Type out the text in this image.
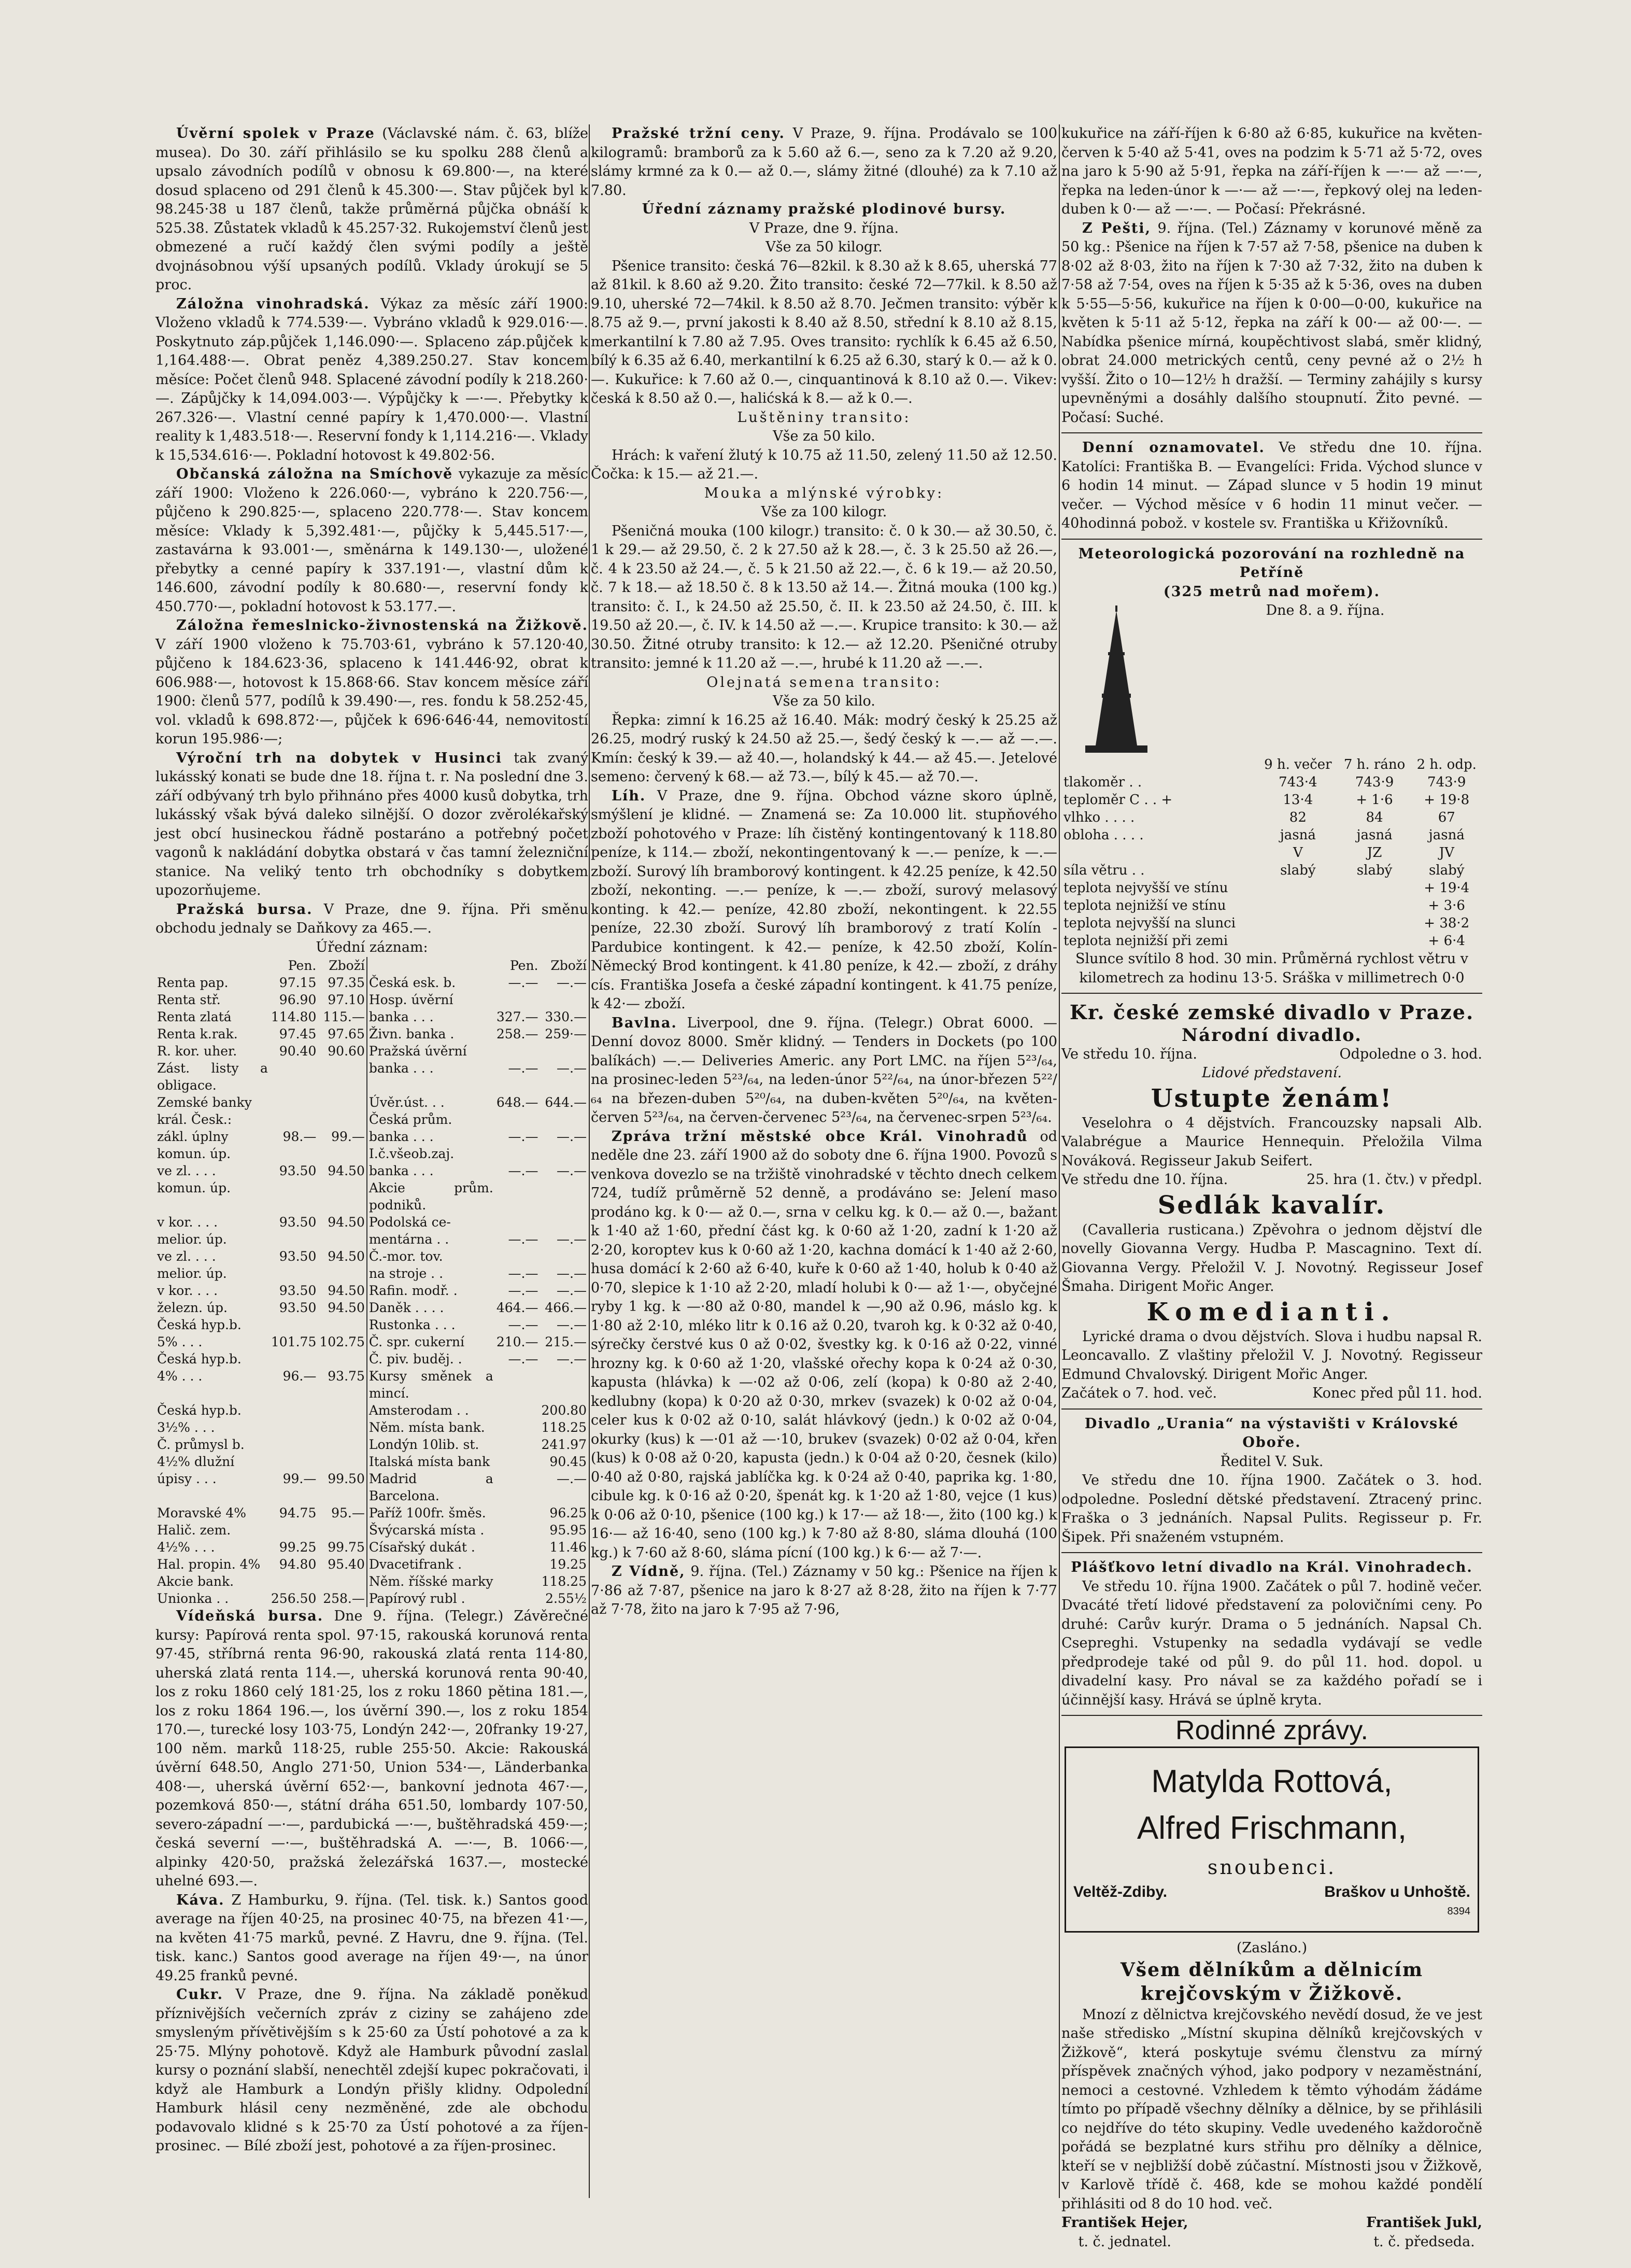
Úvěrní spolek v Praze (Václavské nám. č. 63, blíže musea). Do 30. září přihlásilo se ku spolku 288 členů a upsalo závodních podílů v obnosu k 69.800·—, na které dosud splaceno od 291 členů k 45.300·—. Stav půjček byl k 98.245·38 u 187 členů, takže průměrná půjčka obnáší k 525.38. Zůstatek vkladů k 45.257·32. Rukojemství členů jest obmezené a ručí každý člen svými podíly a ještě dvojnásobnou výší upsaných podílů. Vklady úrokují se 5 proc.

Záložna vinohradská. Výkaz za měsíc září 1900: Vloženo vkladů k 774.539·—. Vybráno vkladů k 929.016·—. Poskytnuto záp.půjček 1,146.090·—. Splaceno záp.půjček k 1,164.488·—. Obrat peněz 4,389.250.27. Stav koncem měsíce: Počet členů 948. Splacené závodní podíly k 218.260·—. Zápůjčky k 14,094.003·—. Výpůjčky k —·—. Přebytky k 267.326·—. Vlastní cenné papíry k 1,470.000·—. Vlastní reality k 1,483.518·—. Reservní fondy k 1,114.216·—. Vklady k 15,534.616·—. Pokladní hotovost k 49.802·56.

Občanská záložna na Smíchově vykazuje za měsíc září 1900: Vloženo k 226.060·—, vybráno k 220.756·—, půjčeno k 290.825·—, splaceno 220.778·—. Stav koncem měsíce: Vklady k 5,392.481·—, půjčky k 5,445.517·—, zastavárna k 93.001·—, směnárna k 149.130·—, uložené přebytky a cenné papíry k 337.191·—, vlastní dům k 146.600, závodní podíly k 80.680·—, reservní fondy k 450.770·—, pokladní hotovost k 53.177.—.

Záložna řemeslnicko-živnostenská na Žižkově. V září 1900 vloženo k 75.703·61, vybráno k 57.120·40, půjčeno k 184.623·36, splaceno k 141.446·92, obrat k 606.988·—, hotovost k 15.868·66. Stav koncem měsíce září 1900: členů 577, podílů k 39.490·—, res. fondu k 58.252·45, vol. vkladů k 698.872·—, půjček k 696·646·44, nemovitostí korun 195.986·—;

Výroční trh na dobytek v Husinci tak zvaný lukásský konati se bude dne 18. října t. r. Na poslední dne 3. září odbývaný trh bylo přihnáno přes 4000 kusů dobytka, trh lukásský však bývá daleko silnější. O dozor zvěrolékařský jest obcí husineckou řádně postaráno a potřebný počet vagonů k nakládání dobytka obstará v čas tamní železniční stanice. Na veliký tento trh obchodníky s dobytkem upozorňujeme.

Pražská bursa. V Praze, dne 9. října. Při směnu obchodu jednaly se Daňkovy za 465.—.

Úřední záznam:

	Pen.	Zboží		Pen.	Zboží
Renta pap.	97.15	97.35	Česká esk. b.	—.—	—.—
Renta stř.	96.90	97.10	Hosp. úvěrní		
Renta zlatá	114.80	115.—	banka . . .	327.—	330.—
Renta k.rak.	97.45	97.65	Živn. banka .	258.—	259·—
R. kor. uher.	90.40	90.60	Pražská úvěrní		
Zást. listy a obligace.			banka . . .	—.—	—.—
Zemské banky			Úvěr.úst. . .	648.—	644.—
král. Česk.:			Česká prům.		
zákl. úplny	98.—	99.—	banka . . .	—.—	—.—
komun. úp.			I.č.všeob.zaj.		
ve zl. . . .	93.50	94.50	banka . . .	—.—	—.—
komun. úp.			Akcie prům. podniků.		
v kor. . . .	93.50	94.50	Podolská ce-		
melior. úp.			mentárna . .	—.—	—.—
ve zl. . . .	93.50	94.50	Č.-mor. tov.		
melior. úp.			na stroje . .	—.—	—.—
v kor. . . .	93.50	94.50	Rafin. modř. .	—.—	—.—
železn. úp.	93.50	94.50	Daněk . . . .	464.—	466.—
Česká hyp.b.			Rustonka . . .	—.—	—.—
5% . . .	101.75	102.75	Č. spr. cukerní	210.—	215.—
Česká hyp.b.			Č. piv. buděj. .	—.—	—.—
4% . . .	96.—	93.75	Kursy směnek a mincí.		
Česká hyp.b.			Amsterodam . .		200.80
3½% . . .			Něm. místa bank.		118.25
Č. průmysl b.			Londýn 10lib. st.		241.97
4½% dlužní			Italská místa bank		90.45
úpisy . . .	99.—	99.50	Madrid a Barcelona.		—.—
Moravské 4%	94.75	95.—	Paříž 100fr. šměs.		96.25
Halič. zem.			Švýcarská místa .		95.95
4½% . . .	99.25	99.75	Císařský dukát .		11.46
Hal. propin. 4%	94.80	95.40	Dvacetifrank .		19.25
Akcie bank.			Něm. říšské marky		118.25
Unionka . .	256.50	258.—	Papírový rubl .		2.55½

Vídeňská bursa. Dne 9. října. (Telegr.) Závěrečné kursy: Papírová renta spol. 97·15, rakouská korunová renta 97·45, stříbrná renta 96·90, rakouská zlatá renta 114·80, uherská zlatá renta 114.—, uherská korunová renta 90·40, los z roku 1860 celý 181·25, los z roku 1860 pětina 181.—, los z roku 1864 196.—, los úvěrní 390.—, los z roku 1854 170.—, turecké losy 103·75, Londýn 242·—, 20franky 19·27, 100 něm. marků 118·25, ruble 255·50. Akcie: Rakouská úvěrní 648.50, Anglo 271·50, Union 534·—, Länderbanka 408·—, uherská úvěrní 652·—, bankovní jednota 467·—, pozemková 850·—, státní dráha 651.50, lombardy 107·50, severo-západní —·—, pardubická —·—, buštěhradská 459·—; česká severní —·—, buštěhradská A. —·—, B. 1066·—, alpinky 420·50, pražská železářská 1637.—, mostecké uhelné 693.—.

Káva. Z Hamburku, 9. října. (Tel. tisk. k.) Santos good average na říjen 40·25, na prosinec 40·75, na březen 41·—, na květen 41·75 marků, pevné. Z Havru, dne 9. října. (Tel. tisk. kanc.) Santos good average na říjen 49·—, na únor 49.25 franků pevné.

Cukr. V Praze, dne 9. října. Na základě poněkud příznivějších večerních zpráv z ciziny se zahájeno zde smysleným přívětivějším s k 25·60 za Ústí pohotové a za k 25·75. Mlýny pohotově. Když ale Hamburk původní zaslal kursy o poznání slabší, nenechtěl zdejší kupec pokračovati, i když ale Hamburk a Londýn přišly klidny. Odpolední Hamburk hlásil ceny nezměněné, zde ale obchodu podavovalo klidné s k 25·70 za Ústí pohotové a za říjen-prosinec. — Bílé zboží jest, pohotové a za říjen-prosinec.

Pražské tržní ceny. V Praze, 9. října. Prodávalo se 100 kilogramů: bramborů za k 5.60 až 6.—, seno za k 7.20 až 9.20, slámy krmné za k 0.— až 0.—, slámy žitné (dlouhé) za k 7.10 až 7.80.

Úřední záznamy pražské plodinové bursy.

V Praze, dne 9. října.

Vše za 50 kilogr.

Pšenice transito: česká 76—82kil. k 8.30 až k 8.65, uherská 77 až 81kil. k 8.60 až 9.20. Žito transito: české 72—77kil. k 8.50 až 9.10, uherské 72—74kil. k 8.50 až 8.70. Ječmen transito: výběr k 8.75 až 9.—, první jakosti k 8.40 až 8.50, střední k 8.10 až 8.15, merkantilní k 7.80 až 7.95. Oves transito: rychlík k 6.45 až 6.50, bílý k 6.35 až 6.40, merkantilní k 6.25 až 6.30, starý k 0.— až k 0.—. Kukuřice: k 7.60 až 0.—, cinquantinová k 8.10 až 0.—. Vikev: česká k 8.50 až 0.—, halićská k 8.— až k 0.—.

Luštěniny transito:

Vše za 50 kilo.

Hrách: k vaření žlutý k 10.75 až 11.50, zelený 11.50 až 12.50. Čočka: k 15.— až 21.—.

Mouka a mlýnské výrobky:

Vše za 100 kilogr.

Pšeničná mouka (100 kilogr.) transito: č. 0 k 30.— až 30.50, č. 1 k 29.— až 29.50, č. 2 k 27.50 až k 28.—, č. 3 k 25.50 až 26.—, č. 4 k 23.50 až 24.—, č. 5 k 21.50 až 22.—, č. 6 k 19.— až 20.50, č. 7 k 18.— až 18.50 č. 8 k 13.50 až 14.—. Žitná mouka (100 kg.) transito: č. I., k 24.50 až 25.50, č. II. k 23.50 až 24.50, č. III. k 19.50 až 20.—, č. IV. k 14.50 až —.—. Krupice transito: k 30.— až 30.50. Žitné otruby transito: k 12.— až 12.20. Pšeničné otruby transito: jemné k 11.20 až —.—, hrubé k 11.20 až —.—.

Olejnatá semena transito:

Vše za 50 kilo.

Řepka: zimní k 16.25 až 16.40. Mák: modrý český k 25.25 až 26.25, modrý ruský k 24.50 až 25.—, šedý český k —.— až —.—. Kmín: český k 39.— až 40.—, holandský k 44.— až 45.—. Jetelové semeno: červený k 68.— až 73.—, bílý k 45.— až 70.—.

Líh. V Praze, dne 9. října. Obchod vázne skoro úplně, smýšlení je klidné. — Znamená se: Za 10.000 lit. stupňového zboží pohotového v Praze: líh čistěný kontingentovaný k 118.80 peníze, k 114.— zboží, nekontingentovaný k —.— peníze, k —.— zboží. Surový líh bramborový kontingent. k 42.25 peníze, k 42.50 zboží, nekonting. —.— peníze, k —.— zboží, surový melasový konting. k 42.— peníze, 42.80 zboží, nekontingent. k 22.55 peníze, 22.30 zboží. Surový líh bramborový z tratí Kolín - Pardubice kontingent. k 42.— peníze, k 42.50 zboží, Kolín-Německý Brod kontingent. k 41.80 peníze, k 42.— zboží, z dráhy cís. Františka Josefa a české západní kontingent. k 41.75 peníze, k 42·— zboží.

Bavlna. Liverpool, dne 9. října. (Telegr.) Obrat 6000. — Denní dovoz 8000. Směr klidný. — Tenders in Dockets (po 100 balíkách) —.— Deliveries Americ. any Port LMC. na říjen 5²³/₆₄, na prosinec-leden 5²³/₆₄, na leden-únor 5²²/₆₄, na únor-březen 5²²/₆₄ na březen-duben 5²⁰/₆₄, na duben-květen 5²⁰/₆₄, na květen-červen 5²³/₆₄, na červen-červenec 5²³/₆₄, na červenec-srpen 5²³/₆₄.

Zpráva tržní městské obce Král. Vinohradů od neděle dne 23. září 1900 až do soboty dne 6. října 1900. Povozů s venkova dovezlo se na tržiště vinohradské v těchto dnech celkem 724, tudíž průměrně 52 denně, a prodáváno se: Jelení maso prodáno kg. k 0·— až 0.—, srna v celku kg. k 0.— až 0.—, bažant k 1·40 až 1·60, přední část kg. k 0·60 až 1·20, zadní k 1·20 až 2·20, koroptev kus k 0·60 až 1·20, kachna domácí k 1·40 až 2·60, husa domácí k 2·60 až 6·40, kuře k 0·60 až 1·40, holub k 0·40 až 0·70, slepice k 1·10 až 2·20, mladí holubi k 0·— až 1·—, obyčejné ryby 1 kg. k —·80 až 0·80, mandel k —,90 až 0.96, máslo kg. k 1·80 až 2·10, mléko litr k 0.16 až 0.20, tvaroh kg. k 0·32 až 0·40, sýrečky čerstvé kus 0 až 0·02, švestky kg. k 0·16 až 0·22, vinné hrozny kg. k 0·60 až 1·20, vlašské ořechy kopa k 0·24 až 0·30, kapusta (hlávka) k —·02 až 0·06, zelí (kopa) k 0·80 až 2·40, kedlubny (kopa) k 0·20 až 0·30, mrkev (svazek) k 0·02 až 0·04, celer kus k 0·02 až 0·10, salát hlávkový (jedn.) k 0·02 až 0·04, okurky (kus) k —·01 až —·10, brukev (svazek) 0·02 až 0·04, křen (kus) k 0·08 až 0·20, kapusta (jedn.) k 0·04 až 0·20, česnek (kilo) 0·40 až 0·80, rajská jablíčka kg. k 0·24 až 0·40, paprika kg. 1·80, cibule kg. k 0·16 až 0·20, špenát kg. k 1·20 až 1·80, vejce (1 kus) k 0·06 až 0·10, pšenice (100 kg.) k 17·— až 18·—, žito (100 kg.) k 16·— až 16·40, seno (100 kg.) k 7·80 až 8·80, sláma dlouhá (100 kg.) k 7·60 až 8·60, sláma pícní (100 kg.) k 6·— až 7·—.

Z Vídně, 9. října. (Tel.) Záznamy v 50 kg.: Pšenice na říjen k 7·86 až 7·87, pšenice na jaro k 8·27 až 8·28, žito na říjen k 7·77 až 7·78, žito na jaro k 7·95 až 7·96,

kukuřice na září-říjen k 6·80 až 6·85, kukuřice na květen-červen k 5·40 až 5·41, oves na podzim k 5·71 až 5·72, oves na jaro k 5·90 až 5·91, řepka na září-říjen k —·— až —·—, řepka na leden-únor k —·— až —·—, řepkový olej na leden-duben k 0·— až —·—. — Počasí: Překrásné.

Z Pešti, 9. října. (Tel.) Záznamy v korunové měně za 50 kg.: Pšenice na říjen k 7·57 až 7·58, pšenice na duben k 8·02 až 8·03, žito na říjen k 7·30 až 7·32, žito na duben k 7·58 až 7·54, oves na říjen k 5·35 až k 5·36, oves na duben k 5·55—5·56, kukuřice na říjen k 0·00—0·00, kukuřice na květen k 5·11 až 5·12, řepka na září k 00·— až 00·—. — Nabídka pšenice mírná, koupěchtivost slabá, směr klidný, obrat 24.000 metrických centů, ceny pevné až o 2½ h vyšší. Žito o 10—12½ h dražší. — Terminy zahájily s kursy upevněnými a dosáhly dalšího stoupnutí. Žito pevné. — Počasí: Suché.

Denní oznamovatel. Ve středu dne 10. října. Katolíci: Františka B. — Evangelíci: Frida. Východ slunce v 6 hodin 14 minut. — Západ slunce v 5 hodin 19 minut večer. — Východ měsíce v 6 hodin 11 minut večer. — 40hodinná pobož. v kostele sv. Františka u Křižovníků.

Meteorologická pozorování na rozhledně na Petříně

(325 metrů nad mořem).

Dne 8. a 9. října.

	9 h. večer	7 h. ráno	2 h. odp.
tlakoměr . .	743·4	743·9	743·9
teploměr C . . +	13·4	+ 1·6	+ 19·8
vlhko . . . .	82	84	67
oblohа . . . .	jasná	jasná	jasná
	V	JZ	JV
síla větru . .	slabý	slabý	slabý
teplota nejvyšší ve stínu			+ 19·4
teplota nejnižší ve stínu			+ 3·6
teplota nejvyšší na slunci			+ 38·2
teplota nejnižší při zemi			+ 6·4

Slunce svítilo 8 hod. 30 min. Průměrná rychlost větru v kilometrech za hodinu 13·5. Sráška v millimetrech 0·0

Kr. české zemské divadlo v Praze.
Národní divadlo.
Ve středu 10. října.	Odpoledne o 3. hod.

Lidové představení.

Ustupte ženám!

Veselohra o 4 dějstvích. Francouzsky napsali Alb. Valabrégue a Maurice Hennequin. Přeložila Vilma Nováková. Regisseur Jakub Seifert.

Ve středu dne 10. října.	25. hra (1. čtv.) v předpl.
Sedlák kavalír.

(Cavalleria rusticana.) Zpěvohra o jednom dějství dle novelly Giovanna Vergy. Hudba P. Mascagnino. Text dí. Giovanna Vergy. Přeložil V. J. Novotný. Regisseur Josef Šmaha. Dirigent Mořic Anger.

Komedianti.

Lyrické drama o dvou dějstvích. Slova i hudbu napsal R. Leoncavallo. Z vlaštiny přeložil V. J. Novotný. Regisseur Edmund Chvalovský. Dirigent Mořic Anger.

Začátek o 7. hod. več.	Konec před půl 11. hod.

Divadlo „Urania“ na výstavišti v Královské Oboře.

Ředitel V. Suk.

Ve středu dne 10. října 1900. Začátek o 3. hod. odpoledne. Poslední dětské představení. Ztracený princ. Fraška o 3 jednáních. Napsal Pulits. Regisseur p. Fr. Šipek. Při snaženém vstupném.

Plášťkovo letní divadlo na Král. Vinohradech.

Ve středu 10. října 1900. Začátek o půl 7. hodině večer. Dvacáté třetí lidové představení za polovičními ceny. Po druhé: Carův kurýr. Drama o 5 jednáních. Napsal Ch. Csepreghi. Vstupenky na sedadla vydávají se vedle předprodeje také od půl 9. do půl 11. hod. dopol. u divadelní kasy. Pro nával se za každého pořadí se i účinnější kasy. Hrává se úplně kryta.

Rodinné zprávy.
Matylda Rottová,
Alfred Frischmann,
snoubenci.
Veltěž-Zdiby.	Braškov u Unhoště.
8394

(Zasláno.)

Všem dělníkům a dělnicím krejčovským v Žižkově.

Mnozí z dělnictva krejčovského nevědí dosud, že ve jest naše středisko „Místní skupina dělníků krejčovských v Žižkově“, která poskytuje svému členstvu za mírný příspěvek značných výhod, jako podpory v nezaměstnání, nemoci a cestovné. Vzhledem k těmto výhodám žádáme tímto po případě všechny dělníky a dělnice, by se přihlásili co nejdříve do této skupiny. Vedle uvedeného každoročně pořádá se bezplatné kurs střihu pro dělníky a dělnice, kteří se v nejbližší době zúčastní. Místnosti jsou v Žižkově, v Karlově třídě č. 468, kde se mohou každé pondělí přihlásiti od 8 do 10 hod. več.

František Hejer,
t. č. jednatel.
František Jukl,
t. č. předseda.
